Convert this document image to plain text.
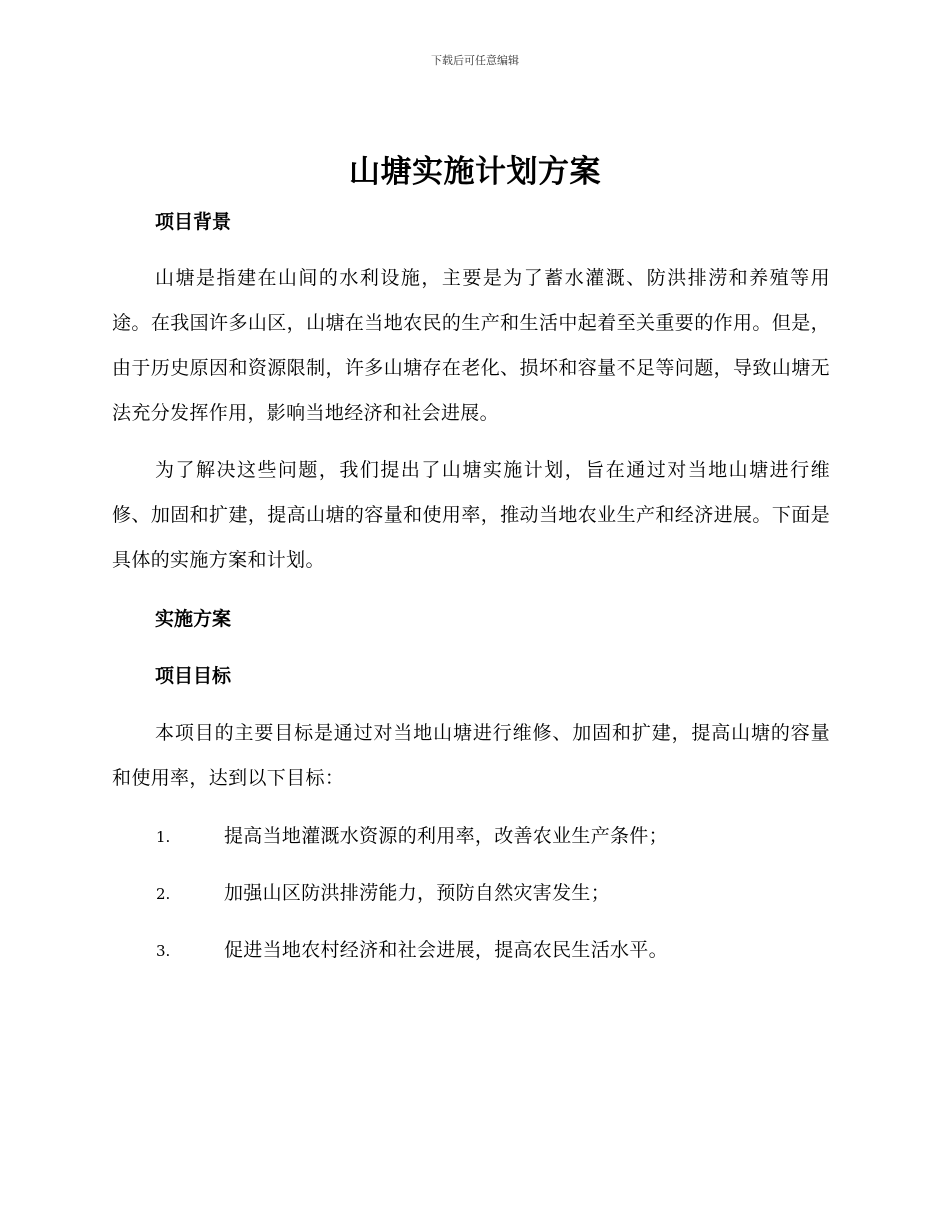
下载后可任意编辑
山塘实施计划方案
项目背景

山塘是指建在山间的水利设施，主要是为了蓄水灌溉、防洪排涝和养殖等用途。在我国许多山区，山塘在当地农民的生产和生活中起着至关重要的作用。但是，由于历史原因和资源限制，许多山塘存在老化、损坏和容量不足等问题，导致山塘无法充分发挥作用，影响当地经济和社会进展。

为了解决这些问题，我们提出了山塘实施计划，旨在通过对当地山塘进行维修、加固和扩建，提高山塘的容量和使用率，推动当地农业生产和经济进展。下面是具体的实施方案和计划。

实施方案
项目目标

本项目的主要目标是通过对当地山塘进行维修、加固和扩建，提高山塘的容量和使用率，达到以下目标：

1.	提高当地灌溉水资源的利用率，改善农业生产条件；
2.	加强山区防洪排涝能力，预防自然灾害发生；
3.	促进当地农村经济和社会进展，提高农民生活水平。
